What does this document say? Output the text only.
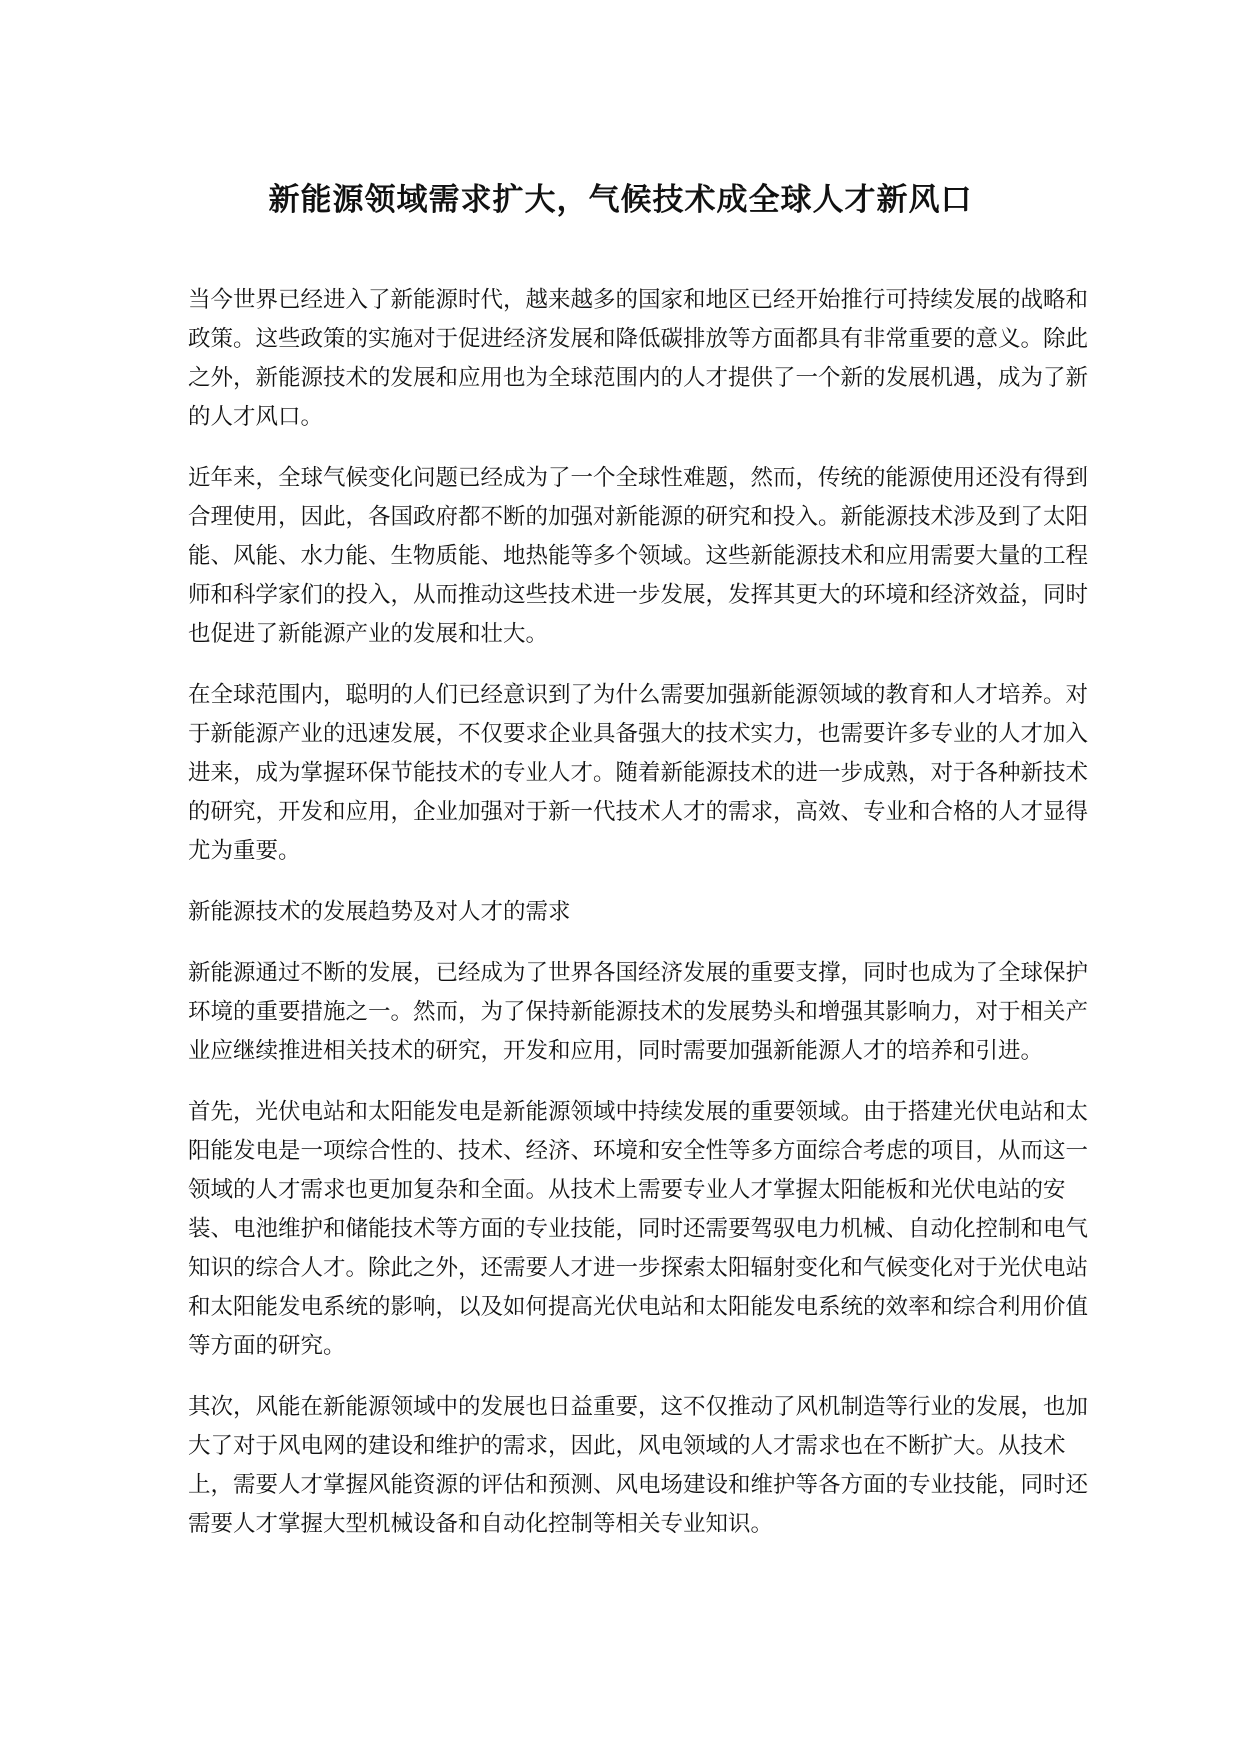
新能源领域需求扩大，气候技术成全球人才新风口

当今世界已经进入了新能源时代，越来越多的国家和地区已经开始推行可持续发展的战略和政策。这些政策的实施对于促进经济发展和降低碳排放等方面都具有非常重要的意义。除此之外，新能源技术的发展和应用也为全球范围内的人才提供了一个新的发展机遇，成为了新的人才风口。

近年来，全球气候变化问题已经成为了一个全球性难题，然而，传统的能源使用还没有得到合理使用，因此，各国政府都不断的加强对新能源的研究和投入。新能源技术涉及到了太阳能、风能、水力能、生物质能、地热能等多个领域。这些新能源技术和应用需要大量的工程师和科学家们的投入，从而推动这些技术进一步发展，发挥其更大的环境和经济效益，同时也促进了新能源产业的发展和壮大。

在全球范围内，聪明的人们已经意识到了为什么需要加强新能源领域的教育和人才培养。对于新能源产业的迅速发展，不仅要求企业具备强大的技术实力，也需要许多专业的人才加入进来，成为掌握环保节能技术的专业人才。随着新能源技术的进一步成熟，对于各种新技术的研究，开发和应用，企业加强对于新一代技术人才的需求，高效、专业和合格的人才显得尤为重要。

新能源技术的发展趋势及对人才的需求

新能源通过不断的发展，已经成为了世界各国经济发展的重要支撑，同时也成为了全球保护环境的重要措施之一。然而，为了保持新能源技术的发展势头和增强其影响力，对于相关产业应继续推进相关技术的研究，开发和应用，同时需要加强新能源人才的培养和引进。

首先，光伏电站和太阳能发电是新能源领域中持续发展的重要领域。由于搭建光伏电站和太阳能发电是一项综合性的、技术、经济、环境和安全性等多方面综合考虑的项目，从而这一领域的人才需求也更加复杂和全面。从技术上需要专业人才掌握太阳能板和光伏电站的安装、电池维护和储能技术等方面的专业技能，同时还需要驾驭电力机械、自动化控制和电气知识的综合人才。除此之外，还需要人才进一步探索太阳辐射变化和气候变化对于光伏电站和太阳能发电系统的影响，以及如何提高光伏电站和太阳能发电系统的效率和综合利用价值等方面的研究。

其次，风能在新能源领域中的发展也日益重要，这不仅推动了风机制造等行业的发展，也加大了对于风电网的建设和维护的需求，因此，风电领域的人才需求也在不断扩大。从技术上，需要人才掌握风能资源的评估和预测、风电场建设和维护等各方面的专业技能，同时还需要人才掌握大型机械设备和自动化控制等相关专业知识。
